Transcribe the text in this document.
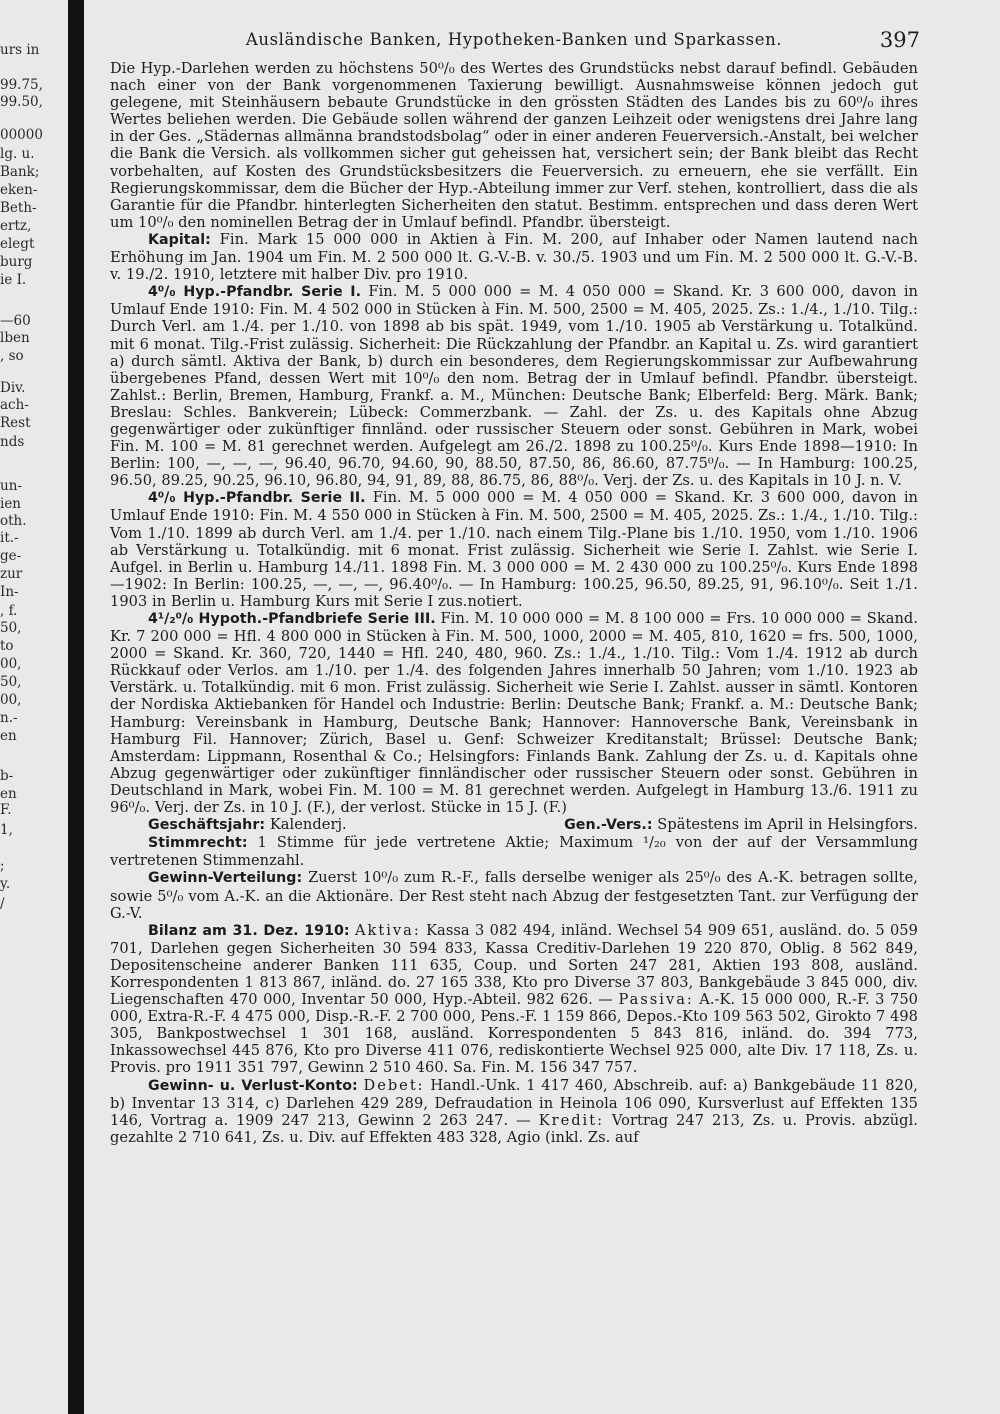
urs in
99.75,
99.50,
00000
lg. u.
Bank;
eken-
Beth-
ertz,
elegt
burg
ie I.
—60
lben
, so
Div.
ach-
Rest
nds
un-
ien
oth.
it.-
ge-
zur
In-
, f.
50,
to
00,
50,
00,
n.-
en
b-
en
F.
1,
;
y.
/
Ausländische Banken, Hypotheken-Banken und Sparkassen.	397

Die Hyp.-Darlehen werden zu höchstens 50⁰/₀ des Wertes des Grundstücks nebst darauf befindl. Gebäuden nach einer von der Bank vorgenommenen Taxierung bewilligt. Ausnahmsweise können jedoch gut gelegene, mit Steinhäusern bebaute Grundstücke in den grössten Städten des Landes bis zu 60⁰/₀ ihres Wertes beliehen werden. Die Gebäude sollen während der ganzen Leihzeit oder wenigstens drei Jahre lang in der Ges. „Städernas allmänna brandstodsbolag“ oder in einer anderen Feuerversich.-Anstalt, bei welcher die Bank die Versich. als vollkommen sicher gut geheissen hat, versichert sein; der Bank bleibt das Recht vorbehalten, auf Kosten des Grundstücksbesitzers die Feuerversich. zu erneuern, ehe sie verfällt. Ein Regierungskommissar, dem die Bücher der Hyp.-Abteilung immer zur Verf. stehen, kontrolliert, dass die als Garantie für die Pfandbr. hinterlegten Sicherheiten den statut. Bestimm. entsprechen und dass deren Wert um 10⁰/₀ den nominellen Betrag der in Umlauf befindl. Pfandbr. übersteigt.

Kapital: Fin. Mark 15 000 000 in Aktien à Fin. M. 200, auf Inhaber oder Namen lautend nach Erhöhung im Jan. 1904 um Fin. M. 2 500 000 lt. G.-V.-B. v. 30./5. 1903 und um Fin. M. 2 500 000 lt. G.-V.-B. v. 19./2. 1910, letztere mit halber Div. pro 1910.

4⁰/₀ Hyp.-Pfandbr. Serie I. Fin. M. 5 000 000 = M. 4 050 000 = Skand. Kr. 3 600 000, davon in Umlauf Ende 1910: Fin. M. 4 502 000 in Stücken à Fin. M. 500, 2500 = M. 405, 2025. Zs.: 1./4., 1./10. Tilg.: Durch Verl. am 1./4. per 1./10. von 1898 ab bis spät. 1949, vom 1./10. 1905 ab Verstärkung u. Totalkünd. mit 6 monat. Tilg.-Frist zulässig. Sicherheit: Die Rückzahlung der Pfandbr. an Kapital u. Zs. wird garantiert a) durch sämtl. Aktiva der Bank, b) durch ein besonderes, dem Regierungskommissar zur Aufbewahrung übergebenes Pfand, dessen Wert mit 10⁰/₀ den nom. Betrag der in Umlauf befindl. Pfandbr. übersteigt. Zahlst.: Berlin, Bremen, Hamburg, Frankf. a. M., München: Deutsche Bank; Elberfeld: Berg. Märk. Bank; Breslau: Schles. Bankverein; Lübeck: Commerzbank. — Zahl. der Zs. u. des Kapitals ohne Abzug gegenwärtiger oder zukünftiger finnländ. oder russischer Steuern oder sonst. Gebühren in Mark, wobei Fin. M. 100 = M. 81 gerechnet werden. Aufgelegt am 26./2. 1898 zu 100.25⁰/₀. Kurs Ende 1898—1910: In Berlin: 100, —, —, —, 96.40, 96.70, 94.60, 90, 88.50, 87.50, 86, 86.60, 87.75⁰/₀. — In Hamburg: 100.25, 96.50, 89.25, 90.25, 96.10, 96.80, 94, 91, 89, 88, 86.75, 86, 88⁰/₀. Verj. der Zs. u. des Kapitals in 10 J. n. V.

4⁰/₀ Hyp.-Pfandbr. Serie II. Fin. M. 5 000 000 = M. 4 050 000 = Skand. Kr. 3 600 000, davon in Umlauf Ende 1910: Fin. M. 4 550 000 in Stücken à Fin. M. 500, 2500 = M. 405, 2025. Zs.: 1./4., 1./10. Tilg.: Vom 1./10. 1899 ab durch Verl. am 1./4. per 1./10. nach einem Tilg.-Plane bis 1./10. 1950, vom 1./10. 1906 ab Verstärkung u. Totalkündig. mit 6 monat. Frist zulässig. Sicherheit wie Serie I. Zahlst. wie Serie I. Aufgel. in Berlin u. Hamburg 14./11. 1898 Fin. M. 3 000 000 = M. 2 430 000 zu 100.25⁰/₀. Kurs Ende 1898—1902: In Berlin: 100.25, —, —, —, 96.40⁰/₀. — In Hamburg: 100.25, 96.50, 89.25, 91, 96.10⁰/₀. Seit 1./1. 1903 in Berlin u. Hamburg Kurs mit Serie I zus.notiert.

4¹/₂⁰/₀ Hypoth.-Pfandbriefe Serie III. Fin. M. 10 000 000 = M. 8 100 000 = Frs. 10 000 000 = Skand. Kr. 7 200 000 = Hfl. 4 800 000 in Stücken à Fin. M. 500, 1000, 2000 = M. 405, 810, 1620 = frs. 500, 1000, 2000 = Skand. Kr. 360, 720, 1440 = Hfl. 240, 480, 960. Zs.: 1./4., 1./10. Tilg.: Vom 1./4. 1912 ab durch Rückkauf oder Verlos. am 1./10. per 1./4. des folgenden Jahres innerhalb 50 Jahren; vom 1./10. 1923 ab Verstärk. u. Totalkündig. mit 6 mon. Frist zulässig. Sicherheit wie Serie I. Zahlst. ausser in sämtl. Kontoren der Nordiska Aktiebanken för Handel och Industrie: Berlin: Deutsche Bank; Frankf. a. M.: Deutsche Bank; Hamburg: Vereinsbank in Hamburg, Deutsche Bank; Hannover: Hannoversche Bank, Vereinsbank in Hamburg Fil. Hannover; Zürich, Basel u. Genf: Schweizer Kreditanstalt; Brüssel: Deutsche Bank; Amsterdam: Lippmann, Rosenthal & Co.; Helsingfors: Finlands Bank. Zahlung der Zs. u. d. Kapitals ohne Abzug gegenwärtiger oder zukünftiger finnländischer oder russischer Steuern oder sonst. Gebühren in Deutschland in Mark, wobei Fin. M. 100 = M. 81 gerechnet werden. Aufgelegt in Hamburg 13./6. 1911 zu 96⁰/₀. Verj. der Zs. in 10 J. (F.), der verlost. Stücke in 15 J. (F.)

Geschäftsjahr: Kalenderj.	Gen.-Vers.: Spätestens im April in Helsingfors.

Stimmrecht: 1 Stimme für jede vertretene Aktie; Maximum ¹/₂₀ von der auf der Versammlung vertretenen Stimmenzahl.

Gewinn-Verteilung: Zuerst 10⁰/₀ zum R.-F., falls derselbe weniger als 25⁰/₀ des A.-K. betragen sollte, sowie 5⁰/₀ vom A.-K. an die Aktionäre. Der Rest steht nach Abzug der festgesetzten Tant. zur Verfügung der G.-V.

Bilanz am 31. Dez. 1910: Aktiva: Kassa 3 082 494, inländ. Wechsel 54 909 651, ausländ. do. 5 059 701, Darlehen gegen Sicherheiten 30 594 833, Kassa Creditiv-Darlehen 19 220 870, Oblig. 8 562 849, Depositenscheine anderer Banken 111 635, Coup. und Sorten 247 281, Aktien 193 808, ausländ. Korrespondenten 1 813 867, inländ. do. 27 165 338, Kto pro Diverse 37 803, Bankgebäude 3 845 000, div. Liegenschaften 470 000, Inventar 50 000, Hyp.-Abteil. 982 626. — Passiva: A.-K. 15 000 000, R.-F. 3 750 000, Extra-R.-F. 4 475 000, Disp.-R.-F. 2 700 000, Pens.-F. 1 159 866, Depos.-Kto 109 563 502, Girokto 7 498 305, Bankpostwechsel 1 301 168, ausländ. Korrespondenten 5 843 816, inländ. do. 394 773, Inkassowechsel 445 876, Kto pro Diverse 411 076, rediskontierte Wechsel 925 000, alte Div. 17 118, Zs. u. Provis. pro 1911 351 797, Gewinn 2 510 460. Sa. Fin. M. 156 347 757.

Gewinn- u. Verlust-Konto: Debet: Handl.-Unk. 1 417 460, Abschreib. auf: a) Bankgebäude 11 820, b) Inventar 13 314, c) Darlehen 429 289, Defraudation in Heinola 106 090, Kursverlust auf Effekten 135 146, Vortrag a. 1909 247 213, Gewinn 2 263 247. — Kredit: Vortrag 247 213, Zs. u. Provis. abzügl. gezahlte 2 710 641, Zs. u. Div. auf Effekten 483 328, Agio (inkl. Zs. auf
